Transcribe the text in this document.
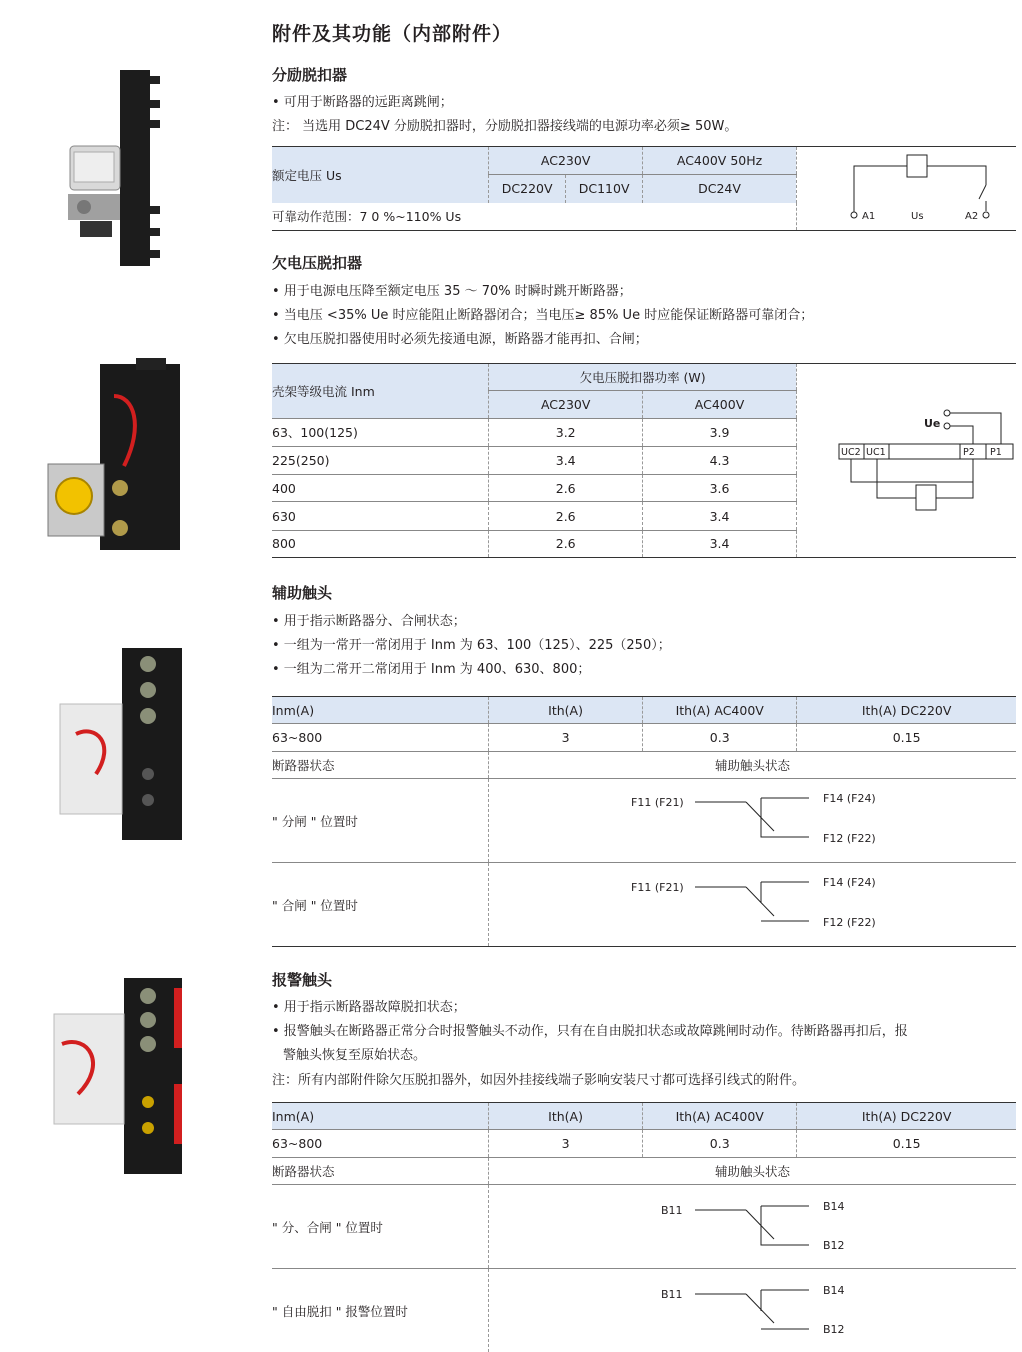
附件及其功能（内部附件）
分励脱扣器
• 可用于断路器的远距离跳闸；
注： 当选用 DC24V 分励脱扣器时，分励脱扣器接线端的电源功率必须≥ 50W。
额定电压 Us	AC230V		AC400V 50Hz	A1 Us A2

	DC220V	DC110V	DC24V	
可靠动作范围：7 0 %~110% Us				
欠电压脱扣器
• 用于电源电压降至额定电压 35 ～ 70% 时瞬时跳开断路器；
• 当电压 <35% Ue 时应能阻止断路器闭合；当电压≥ 85% Ue 时应能保证断路器可靠闭合；
• 欠电压脱扣器使用时必须先接通电源，断路器才能再扣、合闸；
壳架等级电流 Inm	欠电压脱扣器功率 (W)		Ue
UC2 UC1 P2 P1

	AC230V	AC400V	
63、100(125)	3.2	3.9	
225(250)	3.4	4.3	
400	2.6	3.6	
630	2.6	3.4	
800	2.6	3.4	
辅助触头
• 用于指示断路器分、合闸状态；
• 一组为一常开一常闭用于 Inm 为 63、100（125）、225（250）；
• 一组为二常开二常闭用于 Inm 为 400、630、800；
Inm(A)	Ith(A)	Ith(A) AC400V	Ith(A) DC220V
63~800	3	0.3	0.15
断路器状态	辅助触头状态		
" 分闸 " 位置时	F11 (F21) F14 (F24)
F12 (F22)		

" 合闸 " 位置时	F11 (F21) F14 (F24)
F12 (F22)		
报警触头
• 用于指示断路器故障脱扣状态；
• 报警触头在断路器正常分合时报警触头不动作，只有在自由脱扣状态或故障跳闸时动作。待断路器再扣后，报
警触头恢复至原始状态。
注：所有内部附件除欠压脱扣器外，如因外挂接线端子影响安装尺寸都可选择引线式的附件。
Inm(A)	Ith(A)	Ith(A) AC400V	Ith(A) DC220V
63~800	3	0.3	0.15
断路器状态	辅助触头状态		
" 分、合闸 " 位置时	B11 B14
B12		

" 自由脱扣 " 报警位置时	B11 B14
B12		
